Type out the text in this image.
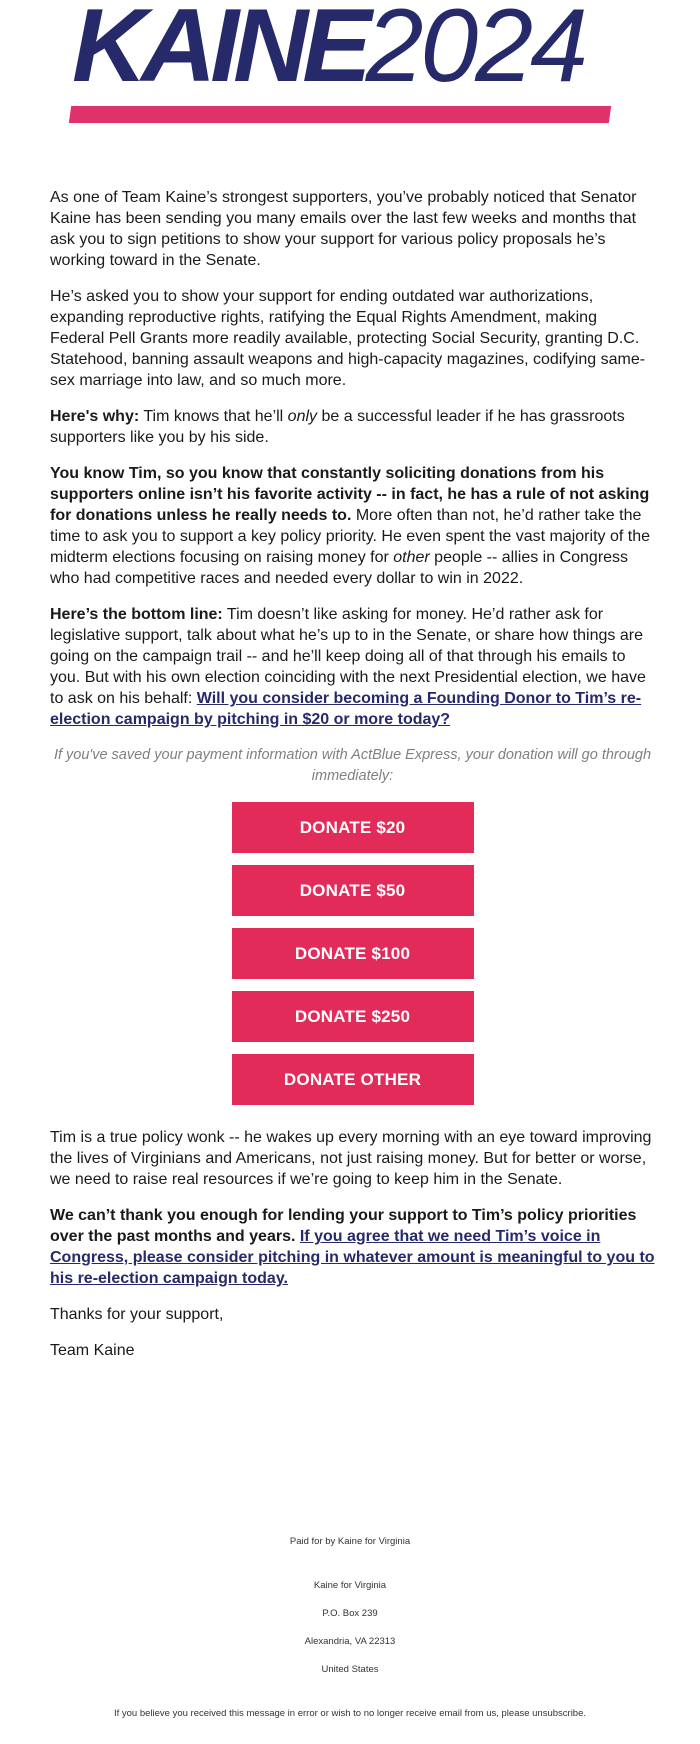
KAINE2024

As one of Team Kaine’s strongest supporters, you’ve probably noticed that Senator Kaine has been sending you many emails over the last few weeks and months that ask you to sign petitions to show your support for various policy proposals he’s working toward in the Senate.

He’s asked you to show your support for ending outdated war authorizations, expanding reproductive rights, ratifying the Equal Rights Amendment, making Federal Pell Grants more readily available, protecting Social Security, granting D.C. Statehood, banning assault weapons and high-capacity magazines, codifying same-sex marriage into law, and so much more.

Here's why: Tim knows that he’ll only be a successful leader if he has grassroots supporters like you by his side.

You know Tim, so you know that constantly soliciting donations from his supporters online isn’t his favorite activity -- in fact, he has a rule of not asking for donations unless he really needs to. More often than not, he’d rather take the time to ask you to support a key policy priority. He even spent the vast majority of the midterm elections focusing on raising money for other people -- allies in Congress who had competitive races and needed every dollar to win in 2022.

Here’s the bottom line: Tim doesn’t like asking for money. He’d rather ask for legislative support, talk about what he’s up to in the Senate, or share how things are going on the campaign trail -- and he’ll keep doing all of that through his emails to you. But with his own election coinciding with the next Presidential election, we have to ask on his behalf: Will you consider becoming a Founding Donor to Tim’s re-election campaign by pitching in $20 or more today?

If you've saved your payment information with ActBlue Express, your donation will go through immediately:

DONATE $20
DONATE $50
DONATE $100
DONATE $250
DONATE OTHER

Tim is a true policy wonk -- he wakes up every morning with an eye toward improving the lives of Virginians and Americans, not just raising money. But for better or worse, we need to raise real resources if we’re going to keep him in the Senate.

We can’t thank you enough for lending your support to Tim’s policy priorities over the past months and years. If you agree that we need Tim’s voice in Congress, please consider pitching in whatever amount is meaningful to you to his re-election campaign today.

Thanks for your support,

Team Kaine

Paid for by Kaine for Virginia
Kaine for Virginia
P.O. Box 239
Alexandria, VA 22313
United States
If you believe you received this message in error or wish to no longer receive email from us, please unsubscribe.
